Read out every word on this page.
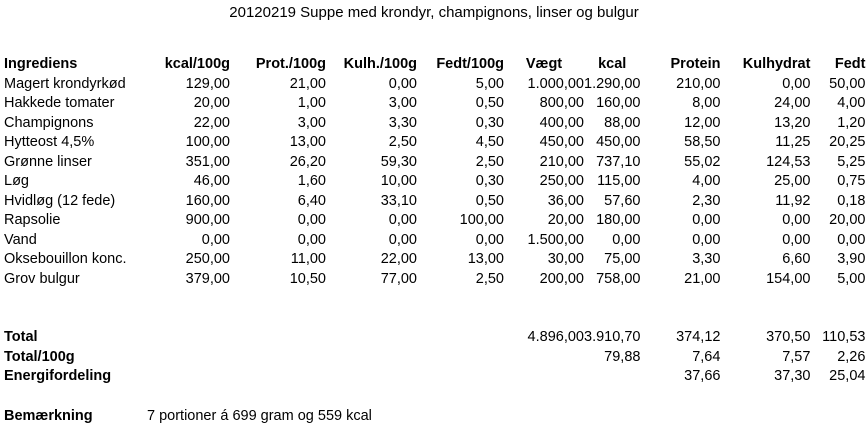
20120219 Suppe med krondyr, champignons, linser og bulgur
Ingrediens	kcal/100g	Prot./100g	Kulh./100g	Fedt/100g	Vægt	kcal	Protein	Kulhydrat	Fedt
Magert krondyrkød	129,00	21,00	0,00	5,00	1.000,00	1.290,00	210,00	0,00	50,00
Hakkede tomater	20,00	1,00	3,00	0,50	800,00	160,00	8,00	24,00	4,00
Champignons	22,00	3,00	3,30	0,30	400,00	88,00	12,00	13,20	1,20
Hytteost 4,5%	100,00	13,00	2,50	4,50	450,00	450,00	58,50	11,25	20,25
Grønne linser	351,00	26,20	59,30	2,50	210,00	737,10	55,02	124,53	5,25
Løg	46,00	1,60	10,00	0,30	250,00	115,00	4,00	25,00	0,75
Hvidløg (12 fede)	160,00	6,40	33,10	0,50	36,00	57,60	2,30	11,92	0,18
Rapsolie	900,00	0,00	0,00	100,00	20,00	180,00	0,00	0,00	20,00
Vand	0,00	0,00	0,00	0,00	1.500,00	0,00	0,00	0,00	0,00
Oksebouillon konc.	250,00	11,00	22,00	13,00	30,00	75,00	3,30	6,60	3,90
Grov bulgur	379,00	10,50	77,00	2,50	200,00	758,00	21,00	154,00	5,00

Total					4.896,00	3.910,70	374,12	370,50	110,53
Total/100g						79,88	7,64	7,57	2,26
Energifordeling							37,66	37,30	25,04
Bemærkning	7 portioner á 699 gram og 559 kcal
